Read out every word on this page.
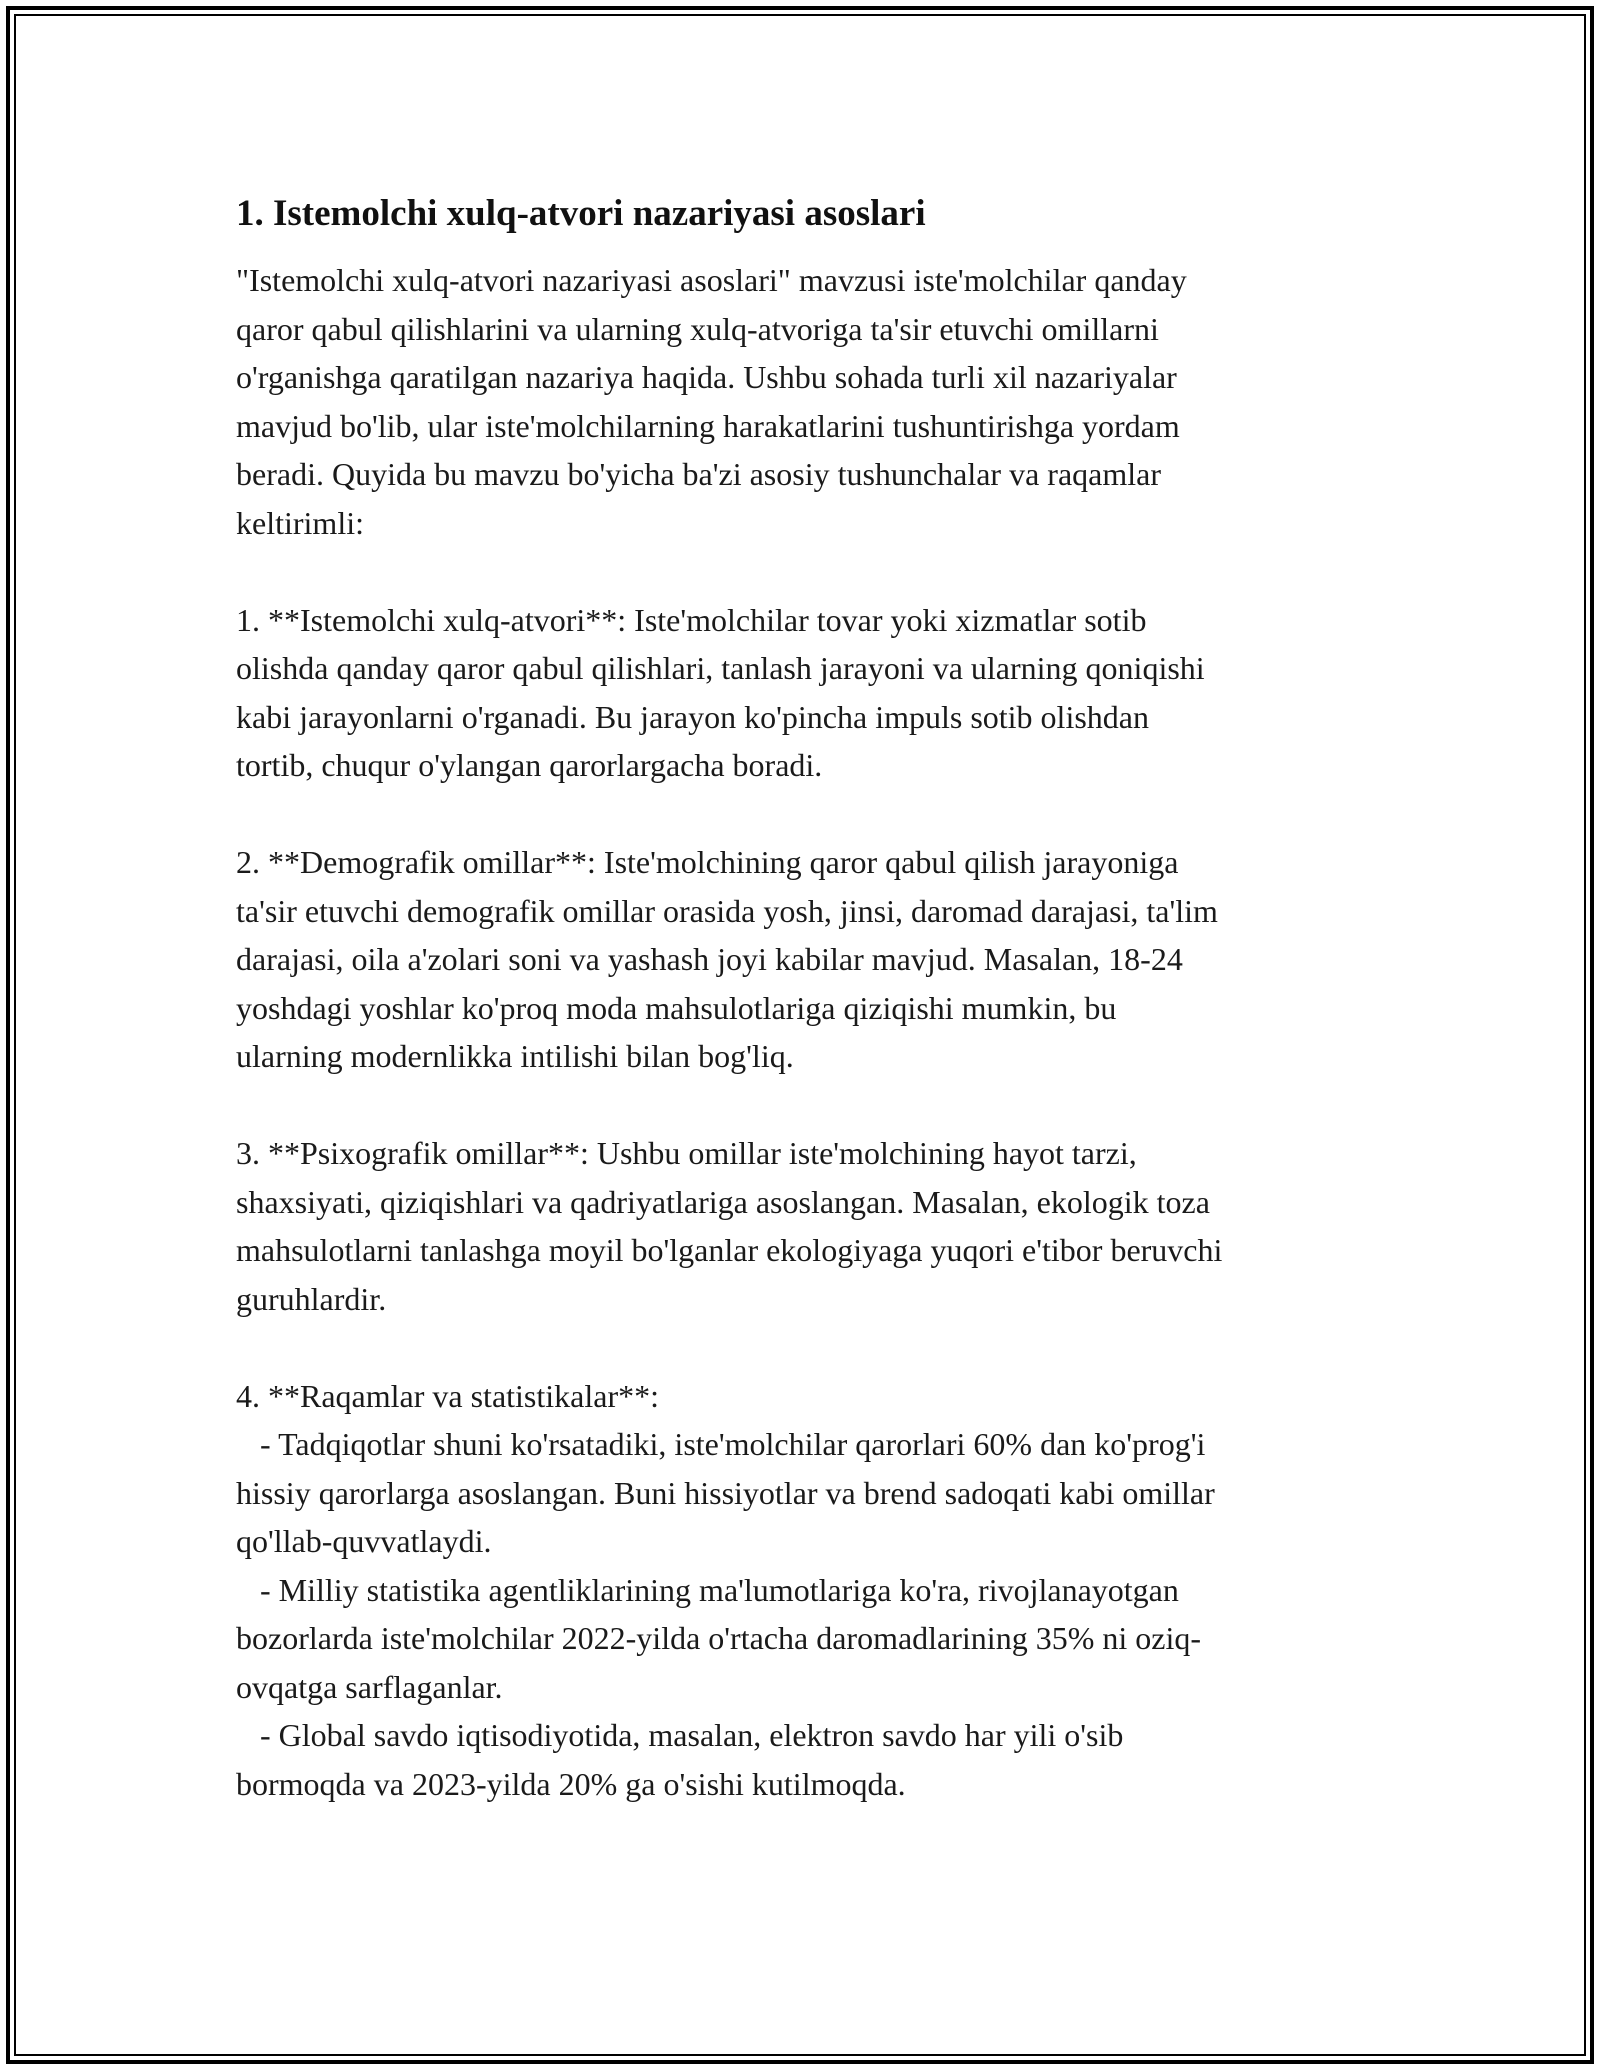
1. Istemolchi xulq-atvori nazariyasi asoslari
"Istemolchi xulq-atvori nazariyasi asoslari" mavzusi iste'molchilar qanday
qaror qabul qilishlarini va ularning xulq-atvoriga ta'sir etuvchi omillarni
o'rganishga qaratilgan nazariya haqida. Ushbu sohada turli xil nazariyalar
mavjud bo'lib, ular iste'molchilarning harakatlarini tushuntirishga yordam
beradi. Quyida bu mavzu bo'yicha ba'zi asosiy tushunchalar va raqamlar
keltirimli:

1. **Istemolchi xulq-atvori**: Iste'molchilar tovar yoki xizmatlar sotib
olishda qanday qaror qabul qilishlari, tanlash jarayoni va ularning qoniqishi
kabi jarayonlarni o'rganadi. Bu jarayon ko'pincha impuls sotib olishdan
tortib, chuqur o'ylangan qarorlargacha boradi.

2. **Demografik omillar**: Iste'molchining qaror qabul qilish jarayoniga
ta'sir etuvchi demografik omillar orasida yosh, jinsi, daromad darajasi, ta'lim
darajasi, oila a'zolari soni va yashash joyi kabilar mavjud. Masalan, 18-24
yoshdagi yoshlar ko'proq moda mahsulotlariga qiziqishi mumkin, bu
ularning modernlikka intilishi bilan bog'liq.

3. **Psixografik omillar**: Ushbu omillar iste'molchining hayot tarzi,
shaxsiyati, qiziqishlari va qadriyatlariga asoslangan. Masalan, ekologik toza
mahsulotlarni tanlashga moyil bo'lganlar ekologiyaga yuqori e'tibor beruvchi
guruhlardir.

4. **Raqamlar va statistikalar**:
- Tadqiqotlar shuni ko'rsatadiki, iste'molchilar qarorlari 60% dan ko'prog'i
hissiy qarorlarga asoslangan. Buni hissiyotlar va brend sadoqati kabi omillar
qo'llab-quvvatlaydi.
- Milliy statistika agentliklarining ma'lumotlariga ko'ra, rivojlanayotgan
bozorlarda iste'molchilar 2022-yilda o'rtacha daromadlarining 35% ni oziq-
ovqatga sarflaganlar.
- Global savdo iqtisodiyotida, masalan, elektron savdo har yili o'sib
bormoqda va 2023-yilda 20% ga o'sishi kutilmoqda.
